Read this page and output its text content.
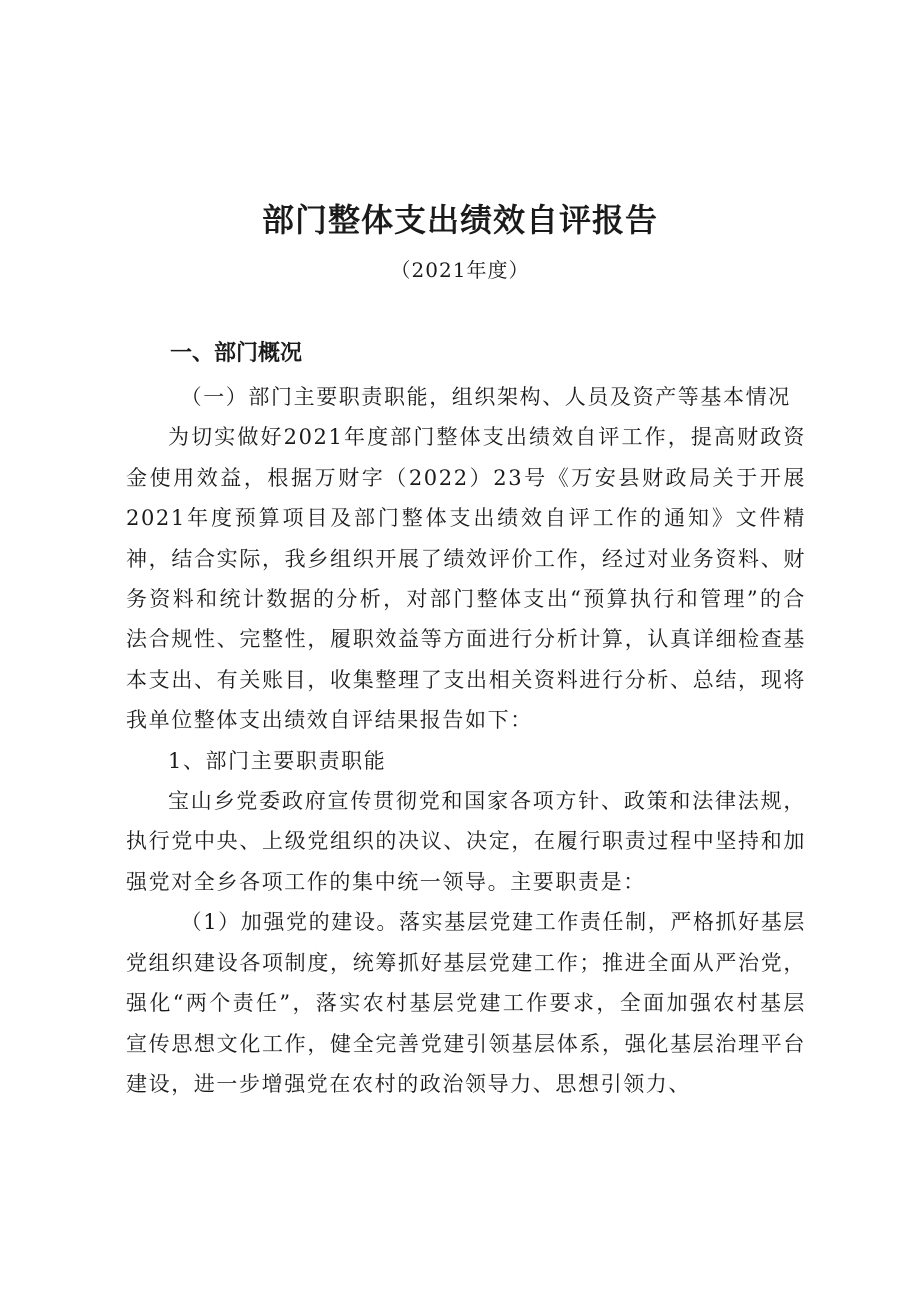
部门整体支出绩效自评报告
（2021年度）
一、部门概况

（一）部门主要职责职能，组织架构、人员及资产等基本情况

为切实做好2021年度部门整体支出绩效自评工作，提高财政资金使用效益，根据万财字（2022）23号《万安县财政局关于开展2021年度预算项目及部门整体支出绩效自评工作的通知》文件精神，结合实际，我乡组织开展了绩效评价工作，经过对业务资料、财务资料和统计数据的分析，对部门整体支出“预算执行和管理”的合法合规性、完整性，履职效益等方面进行分析计算，认真详细检查基本支出、有关账目，收集整理了支出相关资料进行分析、总结，现将我单位整体支出绩效自评结果报告如下：

1、部门主要职责职能

宝山乡党委政府宣传贯彻党和国家各项方针、政策和法律法规，执行党中央、上级党组织的决议、决定，在履行职责过程中坚持和加强党对全乡各项工作的集中统一领导。主要职责是：

（1）加强党的建设。落实基层党建工作责任制，严格抓好基层党组织建设各项制度，统筹抓好基层党建工作；推进全面从严治党，强化“两个责任”，落实农村基层党建工作要求，全面加强农村基层宣传思想文化工作，健全完善党建引领基层体系，强化基层治理平台建设，进一步增强党在农村的政治领导力、思想引领力、
